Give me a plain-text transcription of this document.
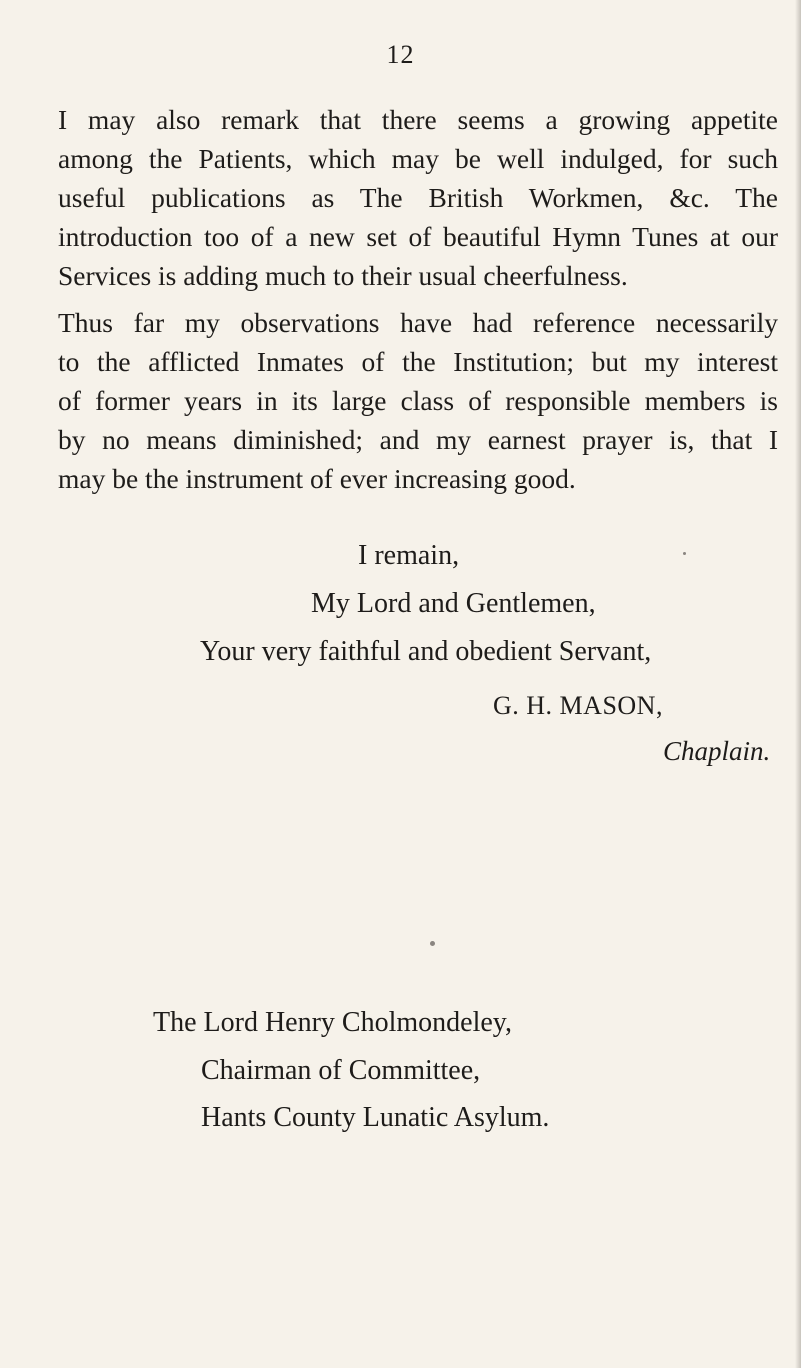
12

I may also remark that there seems a growing appetite
among the Patients, which may be well indulged, for such
useful publications as The British Workmen, &c. The
introduction too of a new set of beautiful Hymn Tunes at our
Services is adding much to their usual cheerfulness.

Thus far my observations have had reference necessarily
to the afflicted Inmates of the Institution; but my interest
of former years in its large class of responsible members is
by no means diminished; and my earnest prayer is, that I
may be the instrument of ever increasing good.

I remain,
My Lord and Gentlemen,
Your very faithful and obedient Servant,
G. H. MASON,
Chaplain.
The Lord Henry Cholmondeley,
Chairman of Committee,
Hants County Lunatic Asylum.
